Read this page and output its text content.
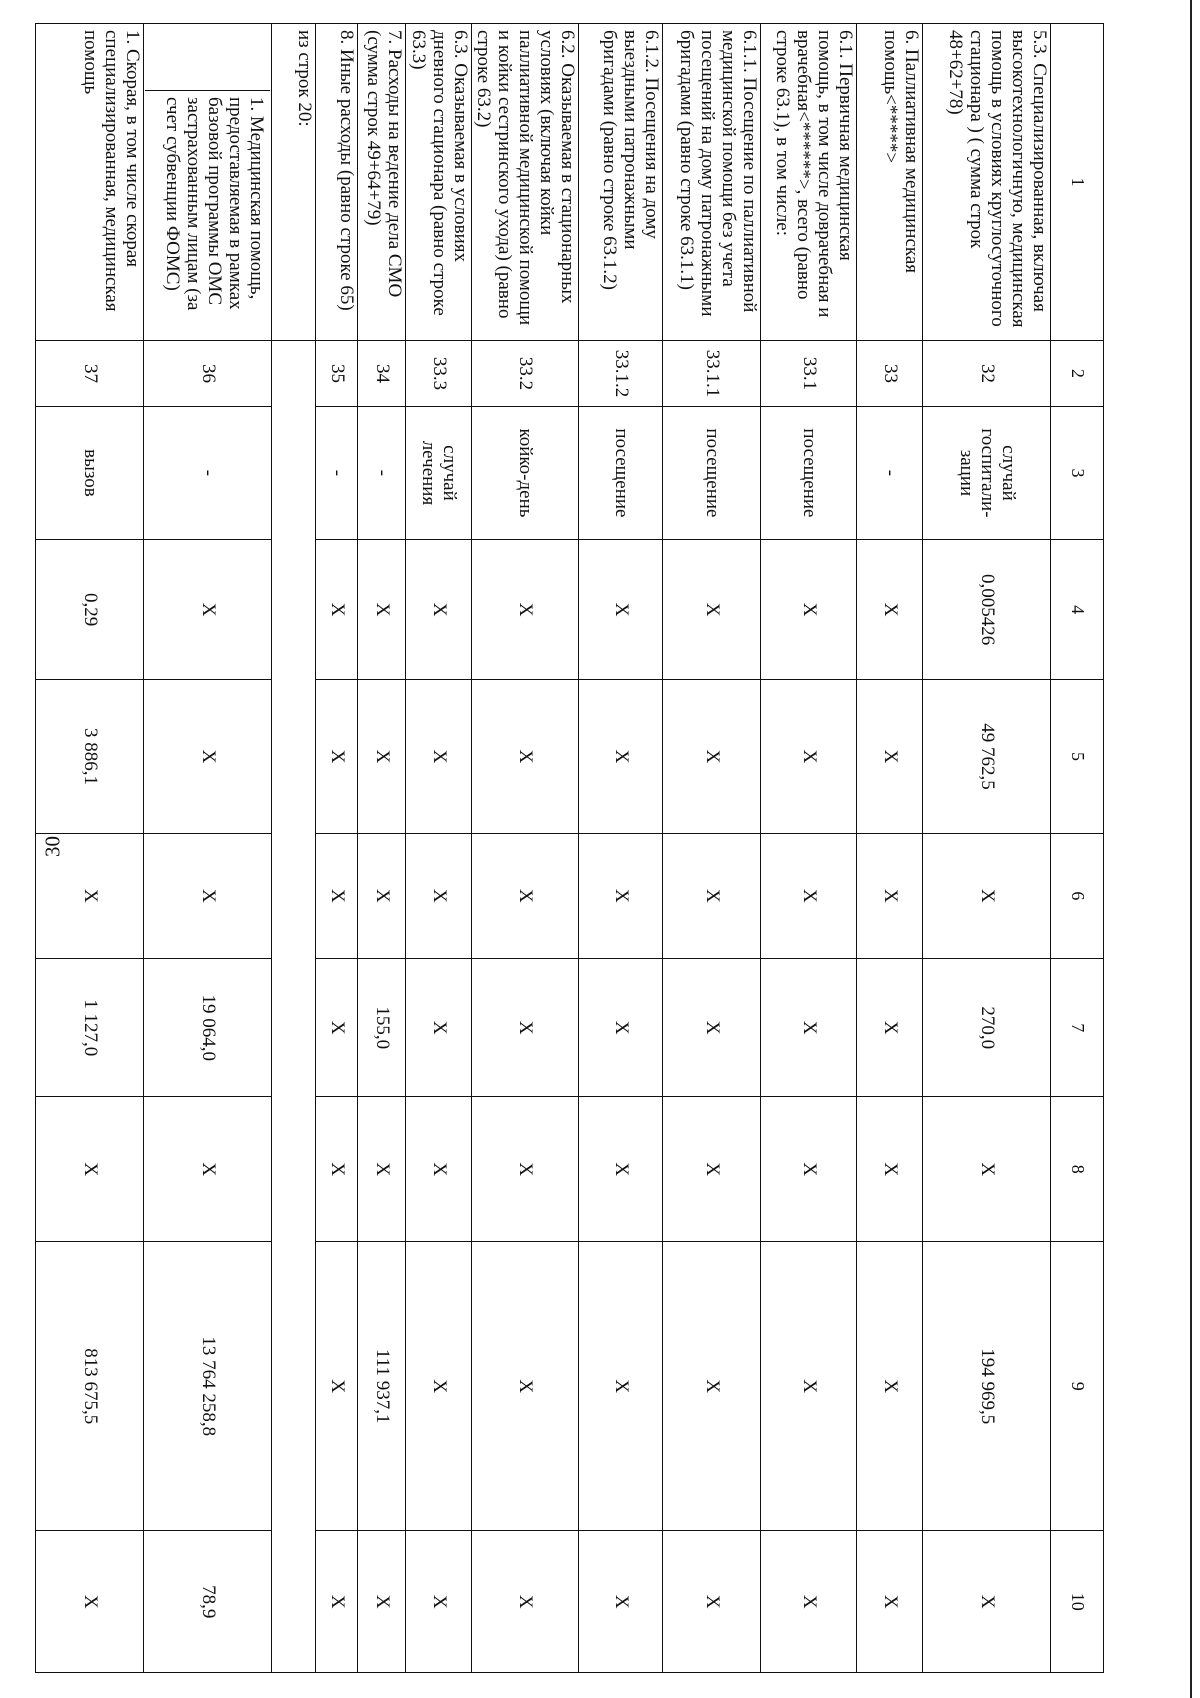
30
1	2	3	4	5	6	7	8	9	10
5.3. Специализированная, включая высокотехнологичную, медицинская помощь в условиях круглосуточного стационара ) ( сумма строк 48+62+78)	32	случай госпитали-зации	0,005426	49 762,5	X	270,0	X	194 969,5	X
6. Паллиативная медицинская помощь<*****>	33	-	X	X	X	X	X	X	X
6.1. Первичная медицинская помощь, в том числе доврачебная и врачебная<******>, всего (равно строке 63.1), в том числе:	33.1	посещение	X	X	X	X	X	X	X
6.1.1. Посещение по паллиативной медицинской помощи без учета посещений на дому патронажными бригадами (равно строке 63.1.1)	33.1.1	посещение	X	X	X	X	X	X	X
6.1.2. Посещения на дому выездными патронажными бригадами (равно строке 63.1.2)	33.1.2	посещение	X	X	X	X	X	X	X
6.2. Оказываемая в стационарных условиях (включая койки паллиативной медицинской помощи и койки сестринского ухода) (равно строке 63.2)	33.2	койко-день	X	X	X	X	X	X	X
6.3. Оказываемая в условиях дневного стационара (равно строке 63.3)	33.3	случай лечения	X	X	X	X	X	X	X
7. Расходы на ведение дела СМО (сумма строк 49+64+79)	34	-	X	X	X	155,0	X	111 937,1	X
8. Иные расходы (равно строке 65)	35	-	X	X	X	X	X	X	X
из строк 20:									

1. Медицинская помощь, предоставляемая в рамках базовой программы ОМС застрахованным лицам (за счет субвенции ФОМС)	36	-	X	X	X	19 064,0	X	13 764 258,8	78,9
1. Скорая, в том числе скорая специализированная, медицинская помощь	37	вызов	0,29	3 886,1	X	1 127,0	X	813 675,5	X
